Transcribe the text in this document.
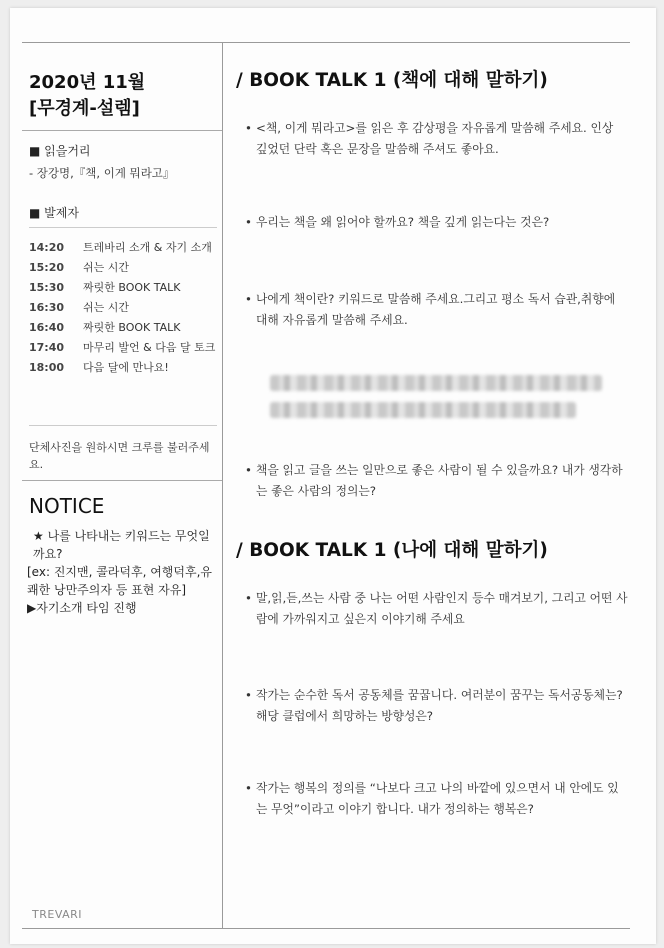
2020년 11월
[무경계-설렘]
■ 읽을거리
- 장강명,『책, 이게 뭐라고』
■ 발제자
14:20	트레바리 소개 & 자기 소개
15:20	쉬는 시간
15:30	짜릿한 BOOK TALK
16:30	쉬는 시간
16:40	짜릿한 BOOK TALK
17:40	마무리 발언 & 다음 달 토크
18:00	다음 달에 만나요!

단체사진을 원하시면 크루를 불러주세요.

NOTICE

★ 나를 나타내는 키워드는 무엇일까요?

[ex: 진지맨, 콜라덕후, 여행덕후,유쾌한 낭만주의자 등 표현 자유]

▶자기소개 타임 진행

TREVARI
/ BOOK TALK 1 (책에 대해 말하기)

• <책, 이게 뭐라고>를 읽은 후 감상평을 자유롭게 말씀해 주세요. 인상 깊었던 단락 혹은 문장을 말씀해 주셔도 좋아요.

• 우리는 책을 왜 읽어야 할까요? 책을 깊게 읽는다는 것은?

• 나에게 책이란? 키워드로 말씀해 주세요.그리고 평소 독서 습관,취향에 대해 자유롭게 말씀해 주세요.

• 책을 읽고 글을 쓰는 일만으로 좋은 사람이 될 수 있을까요? 내가 생각하는 좋은 사람의 정의는?

/ BOOK TALK 1 (나에 대해 말하기)

• 말,읽,듣,쓰는 사람 중 나는 어떤 사람인지 등수 매겨보기, 그리고 어떤 사람에 가까워지고 싶은지 이야기해 주세요

• 작가는 순수한 독서 공동체를 꿈꿉니다. 여러분이 꿈꾸는 독서공동체는? 해당 클럽에서 희망하는 방향성은?

• 작가는 행복의 정의를 “나보다 크고 나의 바깥에 있으면서 내 안에도 있는 무엇”이라고 이야기 합니다. 내가 정의하는 행복은?
